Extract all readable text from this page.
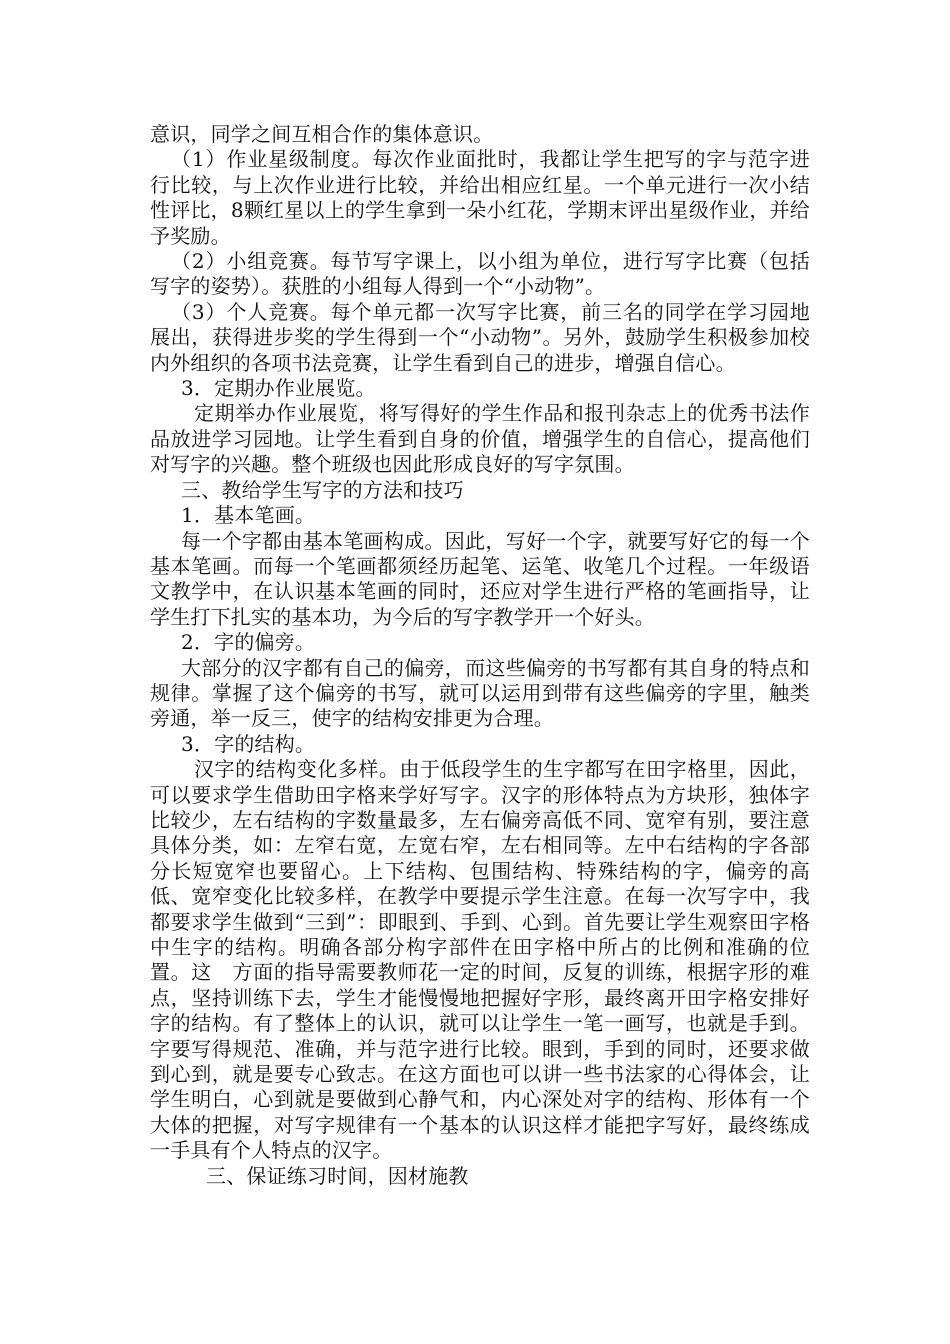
意识，同学之间互相合作的集体意识。

（1）作业星级制度。每次作业面批时，我都让学生把写的字与范字进行比较，与上次作业进行比较，并给出相应红星。一个单元进行一次小结性评比，8颗红星以上的学生拿到一朵小红花，学期末评出星级作业，并给予奖励。

（2）小组竞赛。每节写字课上，以小组为单位，进行写字比赛（包括写字的姿势）。获胜的小组每人得到一个“小动物”。

（3）个人竞赛。每个单元都一次写字比赛，前三名的同学在学习园地展出，获得进步奖的学生得到一个“小动物”。另外，鼓励学生积极参加校内外组织的各项书法竞赛，让学生看到自己的进步，增强自信心。

3．定期办作业展览。

定期举办作业展览，将写得好的学生作品和报刊杂志上的优秀书法作品放进学习园地。让学生看到自身的价值，增强学生的自信心，提高他们对写字的兴趣。整个班级也因此形成良好的写字氛围。

三、教给学生写字的方法和技巧

1．基本笔画。

每一个字都由基本笔画构成。因此，写好一个字，就要写好它的每一个基本笔画。而每一个笔画都须经历起笔、运笔、收笔几个过程。一年级语文教学中，在认识基本笔画的同时，还应对学生进行严格的笔画指导，让学生打下扎实的基本功，为今后的写字教学开一个好头。

2．字的偏旁。

大部分的汉字都有自己的偏旁，而这些偏旁的书写都有其自身的特点和规律。掌握了这个偏旁的书写，就可以运用到带有这些偏旁的字里，触类旁通，举一反三，使字的结构安排更为合理。

3．字的结构。

汉字的结构变化多样。由于低段学生的生字都写在田字格里，因此，可以要求学生借助田字格来学好写字。汉字的形体特点为方块形，独体字比较少，左右结构的字数量最多，左右偏旁高低不同、宽窄有别，要注意具体分类，如：左窄右宽，左宽右窄，左右相同等。左中右结构的字各部分长短宽窄也要留心。上下结构、包围结构、特殊结构的字，偏旁的高低、宽窄变化比较多样，在教学中要提示学生注意。在每一次写字中，我都要求学生做到“三到”：即眼到、手到、心到。首先要让学生观察田字格中生字的结构。明确各部分构字部件在田字格中所占的比例和准确的位置。这　方面的指导需要教师花一定的时间，反复的训练，根据字形的难点，坚持训练下去，学生才能慢慢地把握好字形，最终离开田字格安排好字的结构。有了整体上的认识，就可以让学生一笔一画写，也就是手到。字要写得规范、准确，并与范字进行比较。眼到，手到的同时，还要求做到心到，就是要专心致志。在这方面也可以讲一些书法家的心得体会，让学生明白，心到就是要做到心静气和，内心深处对字的结构、形体有一个大体的把握，对写字规律有一个基本的认识这样才能把字写好，最终练成一手具有个人特点的汉字。

三、保证练习时间，因材施教
